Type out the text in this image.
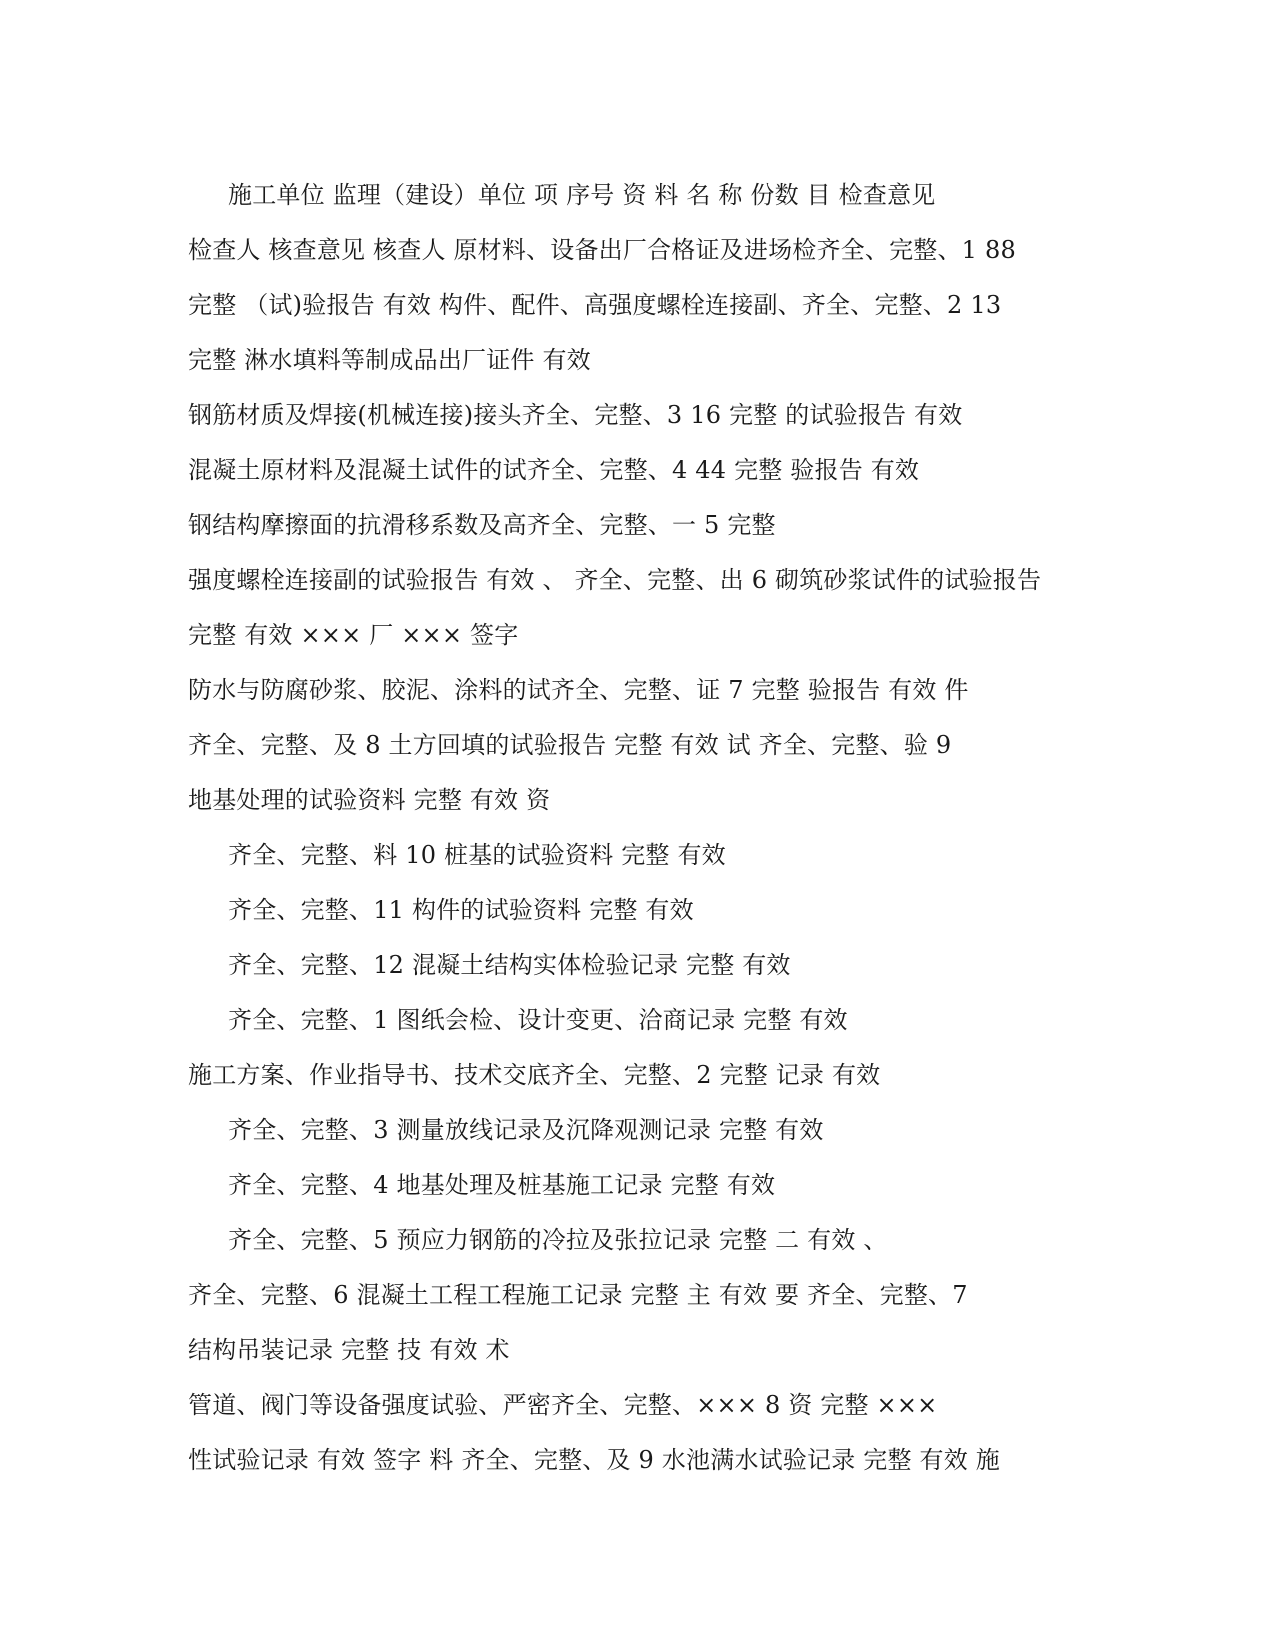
施工单位 监理（建设）单位 项 序号 资 料 名 称 份数 目 检查意见
检查人 核查意见 核查人 原材料、设备出厂合格证及进场检齐全、完整、1 88
完整 （试)验报告 有效 构件、配件、高强度螺栓连接副、齐全、完整、2 13
完整 淋水填料等制成品出厂证件 有效
钢筋材质及焊接(机械连接)接头齐全、完整、3 16 完整 的试验报告 有效
混凝土原材料及混凝土试件的试齐全、完整、4 44 完整 验报告 有效
钢结构摩擦面的抗滑移系数及高齐全、完整、一 5 完整
强度螺栓连接副的试验报告 有效 、 齐全、完整、出 6 砌筑砂浆试件的试验报告
完整 有效 ××× 厂 ××× 签字
防水与防腐砂浆、胶泥、涂料的试齐全、完整、证 7 完整 验报告 有效 件
齐全、完整、及 8 土方回填的试验报告 完整 有效 试 齐全、完整、验 9
地基处理的试验资料 完整 有效 资
齐全、完整、料 10 桩基的试验资料 完整 有效
齐全、完整、11 构件的试验资料 完整 有效
齐全、完整、12 混凝土结构实体检验记录 完整 有效
齐全、完整、1 图纸会检、设计变更、洽商记录 完整 有效
施工方案、作业指导书、技术交底齐全、完整、2 完整 记录 有效
齐全、完整、3 测量放线记录及沉降观测记录 完整 有效
齐全、完整、4 地基处理及桩基施工记录 完整 有效
齐全、完整、5 预应力钢筋的冷拉及张拉记录 完整 二 有效 、
齐全、完整、6 混凝土工程工程施工记录 完整 主 有效 要 齐全、完整、7
结构吊装记录 完整 技 有效 术
管道、阀门等设备强度试验、严密齐全、完整、××× 8 资 完整 ×××
性试验记录 有效 签字 料 齐全、完整、及 9 水池满水试验记录 完整 有效 施
